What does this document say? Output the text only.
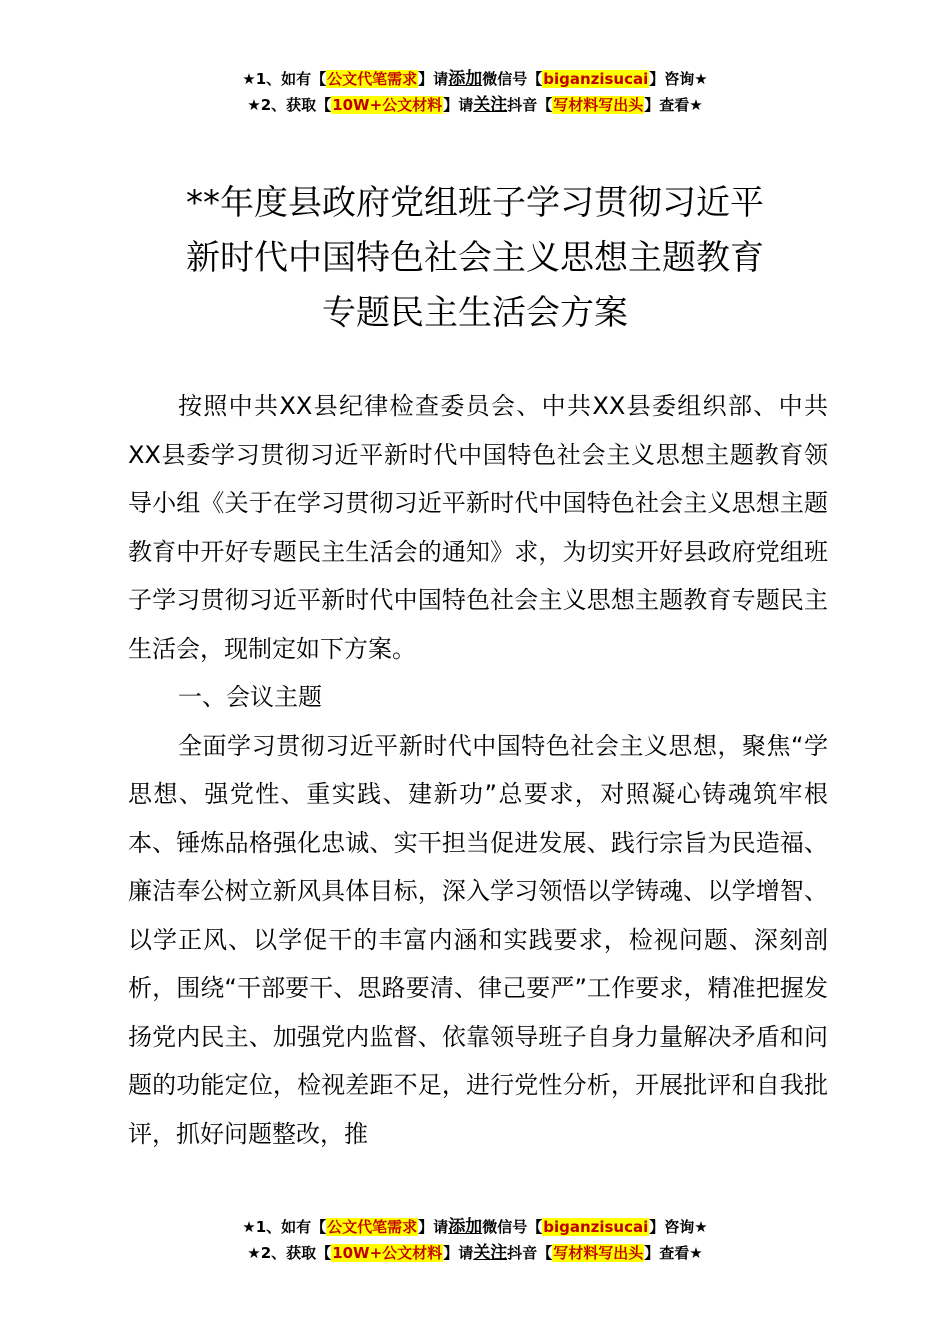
★1、如有【公文代笔需求】请添加微信号【biganzisucai】咨询★
★2、获取【10W+公文材料】请关注抖音【写材料写出头】查看★
**年度县政府党组班子学习贯彻习近平
新时代中国特色社会主义思想主题教育
专题民主生活会方案

按照中共XX县纪律检查委员会、中共XX县委组织部、中共XX县委学习贯彻习近平新时代中国特色社会主义思想主题教育领导小组《关于在学习贯彻习近平新时代中国特色社会主义思想主题教育中开好专题民主生活会的通知》求，为切实开好县政府党组班子学习贯彻习近平新时代中国特色社会主义思想主题教育专题民主生活会，现制定如下方案。

一、会议主题

全面学习贯彻习近平新时代中国特色社会主义思想，聚焦“学思想、强党性、重实践、建新功”总要求，对照凝心铸魂筑牢根本、锤炼品格强化忠诚、实干担当促进发展、践行宗旨为民造福、廉洁奉公树立新风具体目标，深入学习领悟以学铸魂、以学增智、以学正风、以学促干的丰富内涵和实践要求，检视问题、深刻剖析，围绕“干部要干、思路要清、律己要严”工作要求，精准把握发扬党内民主、加强党内监督、依靠领导班子自身力量解决矛盾和问题的功能定位，检视差距不足，进行党性分析，开展批评和自我批评，抓好问题整改，推

★1、如有【公文代笔需求】请添加微信号【biganzisucai】咨询★
★2、获取【10W+公文材料】请关注抖音【写材料写出头】查看★
